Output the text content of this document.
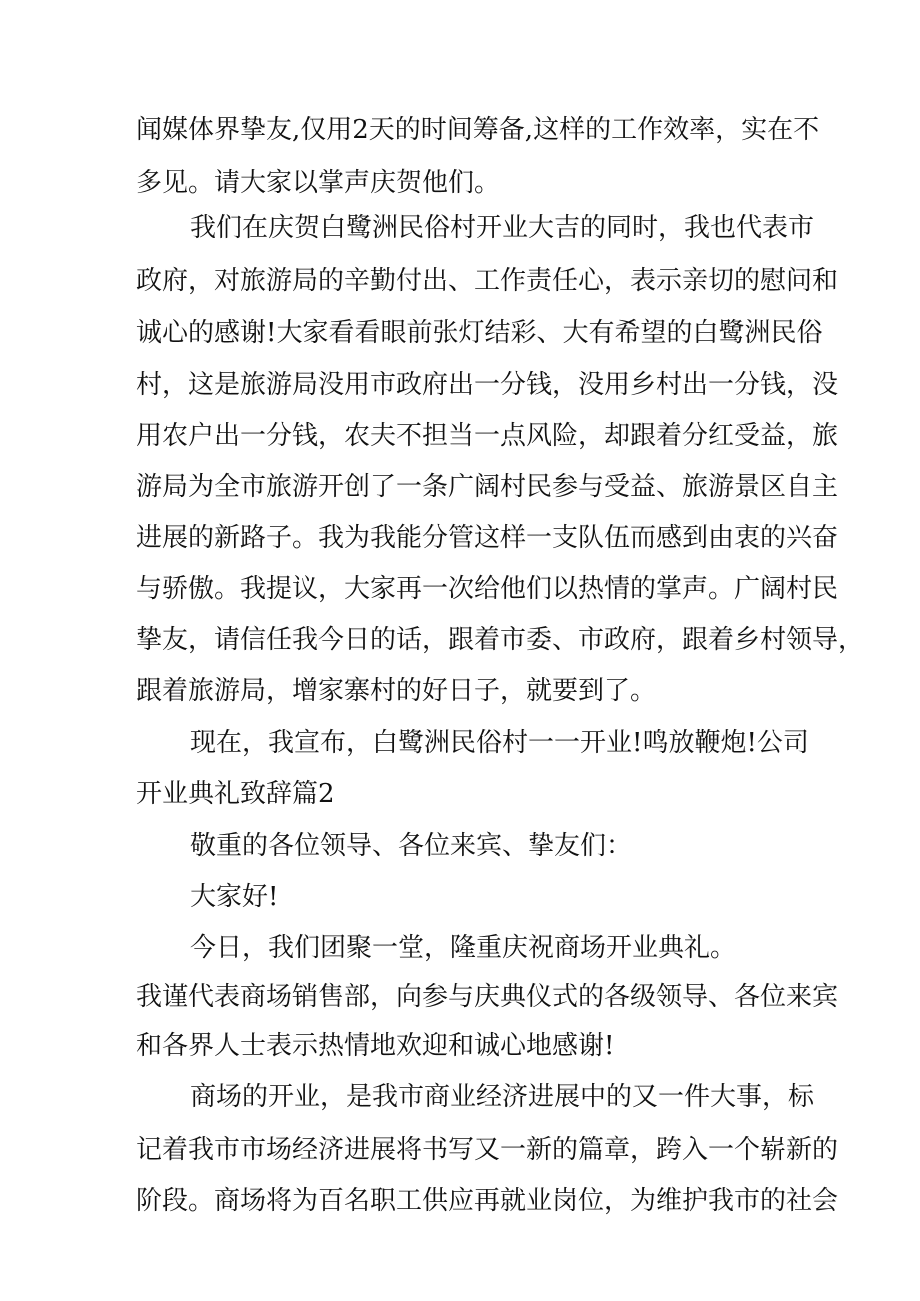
闻媒体界挚友,仅用2天的时间筹备,这样的工作效率，实在不
多见。请大家以掌声庆贺他们。
我们在庆贺白鹭洲民俗村开业大吉的同时，我也代表市
政府，对旅游局的辛勤付出、工作责任心，表示亲切的慰问和
诚心的感谢!大家看看眼前张灯结彩、大有希望的白鹭洲民俗
村，这是旅游局没用市政府出一分钱，没用乡村出一分钱，没
用农户出一分钱，农夫不担当一点风险，却跟着分红受益，旅
游局为全市旅游开创了一条广阔村民参与受益、旅游景区自主
进展的新路子。我为我能分管这样一支队伍而感到由衷的兴奋
与骄傲。我提议，大家再一次给他们以热情的掌声。广阔村民
挚友，请信任我今日的话，跟着市委、市政府，跟着乡村领导，
跟着旅游局，增家寨村的好日子，就要到了。
现在，我宣布，白鹭洲民俗村一一开业!鸣放鞭炮!公司
开业典礼致辞篇2
敬重的各位领导、各位来宾、挚友们：
大家好!
今日，我们团聚一堂，隆重庆祝商场开业典礼。
我谨代表商场销售部，向参与庆典仪式的各级领导、各位来宾
和各界人士表示热情地欢迎和诚心地感谢!
商场的开业，是我市商业经济进展中的又一件大事，标
记着我市市场经济进展将书写又一新的篇章，跨入一个崭新的
阶段。商场将为百名职工供应再就业岗位，为维护我市的社会
